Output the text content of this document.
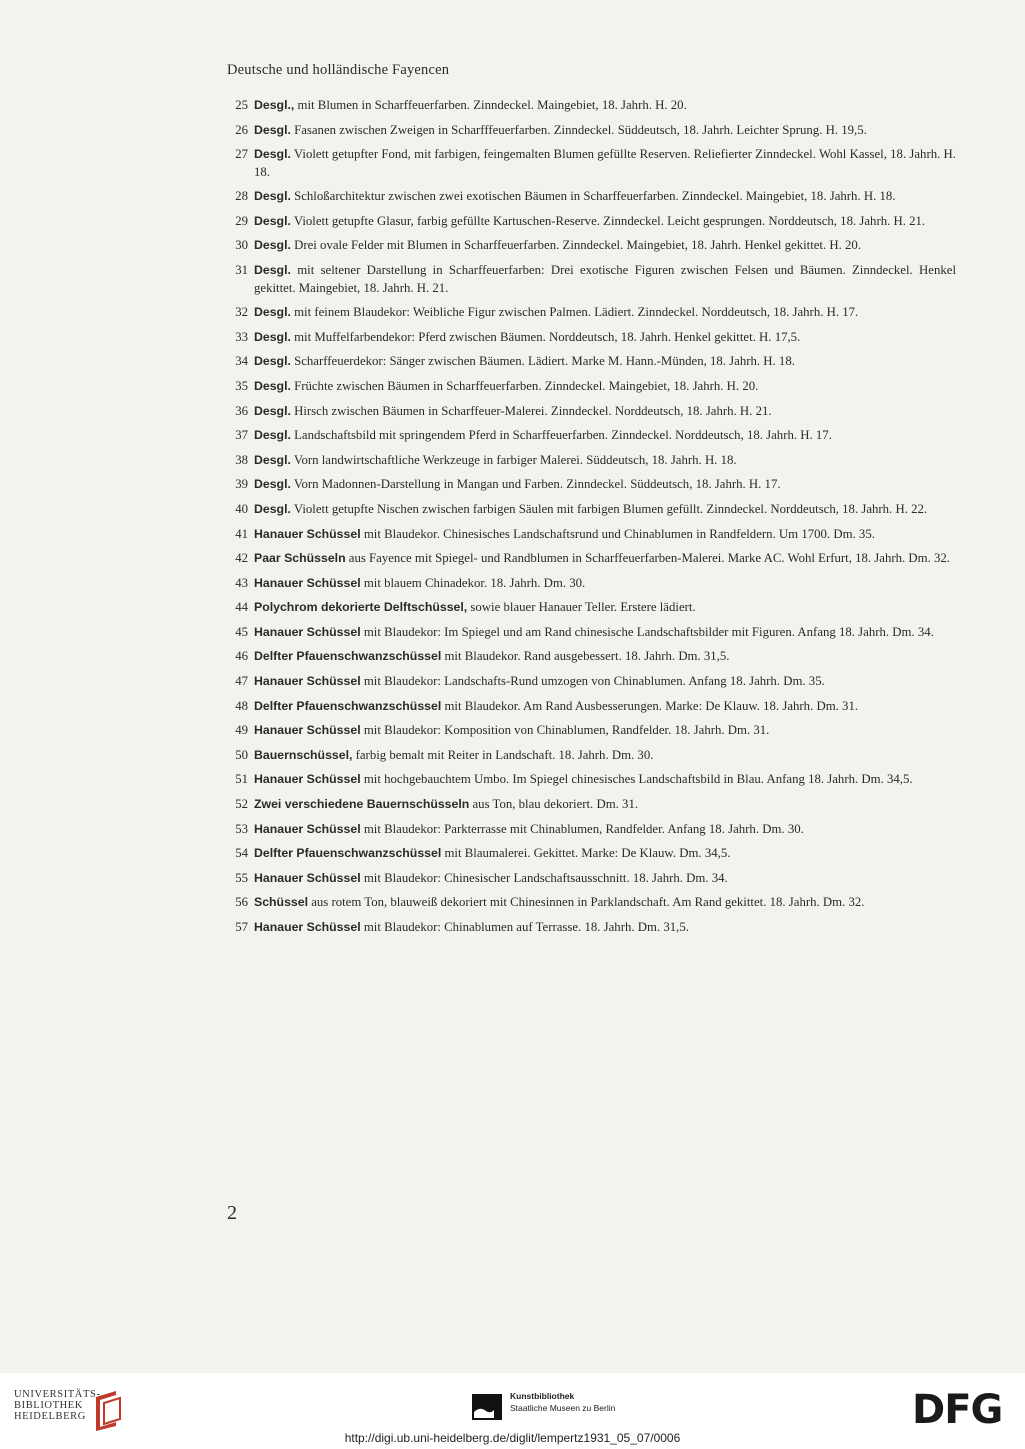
Deutsche und holländische Fayencen
25 Desgl., mit Blumen in Scharffeuerfarben. Zinndeckel. Maingebiet, 18. Jahrh. H. 20.
26 Desgl. Fasanen zwischen Zweigen in Scharfffeuerfarben. Zinndeckel. Süddeutsch, 18. Jahrh. Leichter Sprung. H. 19,5.
27 Desgl. Violett getupfter Fond, mit farbigen, feingemalten Blumen gefüllte Reserven. Reliefierter Zinndeckel. Wohl Kassel, 18. Jahrh. H. 18.
28 Desgl. Schloßarchitektur zwischen zwei exotischen Bäumen in Scharffeuerfarben. Zinndeckel. Maingebiet, 18. Jahrh. H. 18.
29 Desgl. Violett getupfte Glasur, farbig gefüllte Kartuschen-Reserve. Zinndeckel. Leicht gesprungen. Norddeutsch, 18. Jahrh. H. 21.
30 Desgl. Drei ovale Felder mit Blumen in Scharffeuerfarben. Zinndeckel. Maingebiet, 18. Jahrh. Henkel gekittet. H. 20.
31 Desgl. mit seltener Darstellung in Scharffeuerfarben: Drei exotische Figuren zwischen Felsen und Bäumen. Zinndeckel. Henkel gekittet. Maingebiet, 18. Jahrh. H. 21.
32 Desgl. mit feinem Blaudekor: Weibliche Figur zwischen Palmen. Lädiert. Zinndeckel. Norddeutsch, 18. Jahrh. H. 17.
33 Desgl. mit Muffelfarbendekor: Pferd zwischen Bäumen. Norddeutsch, 18. Jahrh. Henkel gekittet. H. 17,5.
34 Desgl. Scharffeuerdekor: Sänger zwischen Bäumen. Lädiert. Marke M. Hann.-Münden, 18. Jahrh. H. 18.
35 Desgl. Früchte zwischen Bäumen in Scharffeuerfarben. Zinndeckel. Maingebiet, 18. Jahrh. H. 20.
36 Desgl. Hirsch zwischen Bäumen in Scharffeuer-Malerei. Zinndeckel. Norddeutsch, 18. Jahrh. H. 21.
37 Desgl. Landschaftsbild mit springendem Pferd in Scharffeuerfarben. Zinndeckel. Norddeutsch, 18. Jahrh. H. 17.
38 Desgl. Vorn landwirtschaftliche Werkzeuge in farbiger Malerei. Süddeutsch, 18. Jahrh. H. 18.
39 Desgl. Vorn Madonnen-Darstellung in Mangan und Farben. Zinndeckel. Süddeutsch, 18. Jahrh. H. 17.
40 Desgl. Violett getupfte Nischen zwischen farbigen Säulen mit farbigen Blumen gefüllt. Zinndeckel. Norddeutsch, 18. Jahrh. H. 22.
41 Hanauer Schüssel mit Blaudekor. Chinesisches Landschaftsrund und Chinablumen in Randfeldern. Um 1700. Dm. 35.
42 Paar Schüsseln aus Fayence mit Spiegel- und Randblumen in Scharffeuerfarben-Malerei. Marke AC. Wohl Erfurt, 18. Jahrh. Dm. 32.
43 Hanauer Schüssel mit blauem Chinadekor. 18. Jahrh. Dm. 30.
44 Polychrom dekorierte Delftschüssel, sowie blauer Hanauer Teller. Erstere lädiert.
45 Hanauer Schüssel mit Blaudekor: Im Spiegel und am Rand chinesische Landschaftsbilder mit Figuren. Anfang 18. Jahrh. Dm. 34.
46 Delfter Pfauenschwanzschüssel mit Blaudekor. Rand ausgebessert. 18. Jahrh. Dm. 31,5.
47 Hanauer Schüssel mit Blaudekor: Landschafts-Rund umzogen von Chinablumen. Anfang 18. Jahrh. Dm. 35.
48 Delfter Pfauenschwanzschüssel mit Blaudekor. Am Rand Ausbesserungen. Marke: De Klauw. 18. Jahrh. Dm. 31.
49 Hanauer Schüssel mit Blaudekor: Komposition von Chinablumen, Randfelder. 18. Jahrh. Dm. 31.
50 Bauernschüssel, farbig bemalt mit Reiter in Landschaft. 18. Jahrh. Dm. 30.
51 Hanauer Schüssel mit hochgebauchtem Umbo. Im Spiegel chinesisches Landschaftsbild in Blau. Anfang 18. Jahrh. Dm. 34,5.
52 Zwei verschiedene Bauernschüsseln aus Ton, blau dekoriert. Dm. 31.
53 Hanauer Schüssel mit Blaudekor: Parkterrasse mit Chinablumen, Randfelder. Anfang 18. Jahrh. Dm. 30.
54 Delfter Pfauenschwanzschüssel mit Blaumalerei. Gekittet. Marke: De Klauw. Dm. 34,5.
55 Hanauer Schüssel mit Blaudekor: Chinesischer Landschaftsausschnitt. 18. Jahrh. Dm. 34.
56 Schüssel aus rotem Ton, blauweiß dekoriert mit Chinesinnen in Parklandschaft. Am Rand gekittet. 18. Jahrh. Dm. 32.
57 Hanauer Schüssel mit Blaudekor: Chinablumen auf Terrasse. 18. Jahrh. Dm. 31,5.
2
UNIVERSITÄTS-
BIBLIOTHEK
HEIDELBERG
Kunstbibliothek
Staatliche Museen zu Berlin	DFG
http://digi.ub.uni-heidelberg.de/diglit/lempertz1931_05_07/0006
